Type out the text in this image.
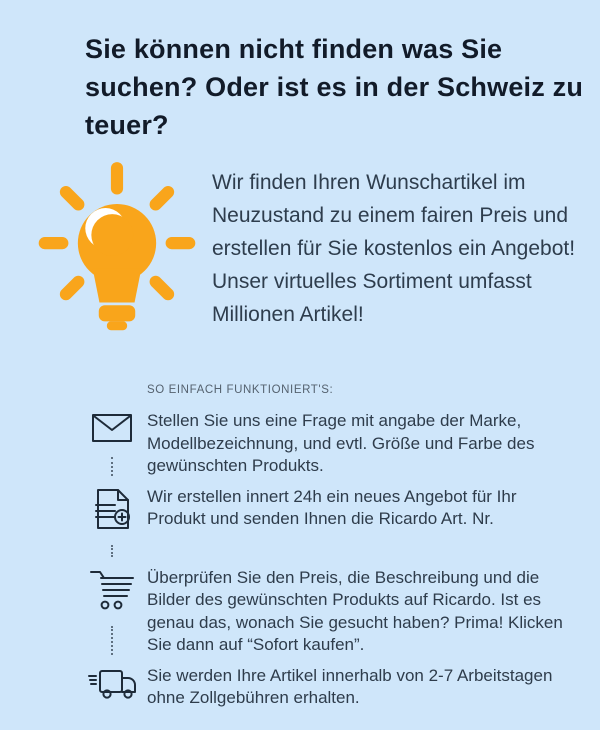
Sie können nicht finden was Sie suchen? Oder ist es in der Schweiz zu teuer?
Wir finden Ihren Wunschartikel im Neuzustand zu einem fairen Preis und erstellen für Sie kostenlos ein Angebot!  Unser virtuelles Sortiment umfasst Millionen Artikel!
SO EINFACH FUNKTIONIERT'S:
Stellen Sie uns eine Frage mit angabe der Marke, Modellbezeichnung, und evtl. Größe und Farbe des gewünschten Produkts.
Wir erstellen innert 24h ein neues Angebot für Ihr Produkt und senden Ihnen die Ricardo Art. Nr.
Überprüfen Sie den Preis, die Beschreibung und die Bilder des gewünschten Produkts auf Ricardo. Ist es genau das, wonach Sie gesucht haben? Prima! Klicken Sie dann auf “Sofort kaufen”.
Sie werden Ihre Artikel innerhalb von 2-7 Arbeitstagen ohne Zollgebühren erhalten.
